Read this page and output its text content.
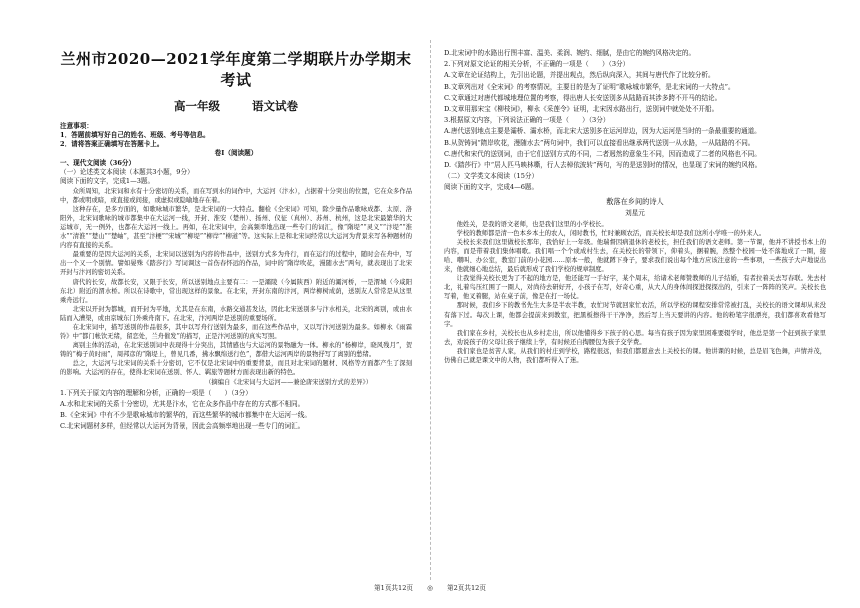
兰州市2020—2021学年度第二学期联片办学期末考试
高一年级	语文试卷

注意事项：

1．答题前填写好自己的姓名、班级、考号等信息。

2．请将答案正确填写在答题卡上。

卷I（阅读题）

一、现代文阅读（36分）

（一）论述类文本阅读（本题共3小题，9分）

阅读下面的文字，完成1—3题。

众所周知，北宋词和水有十分密切的关系，而在写到水的词作中，大运河（汴水），占据着十分突出的位置，它在众多作品中，都或明或暗，或直接或间接，或虚拟或隐喻地存在着。

这种存在，是多方面的，如歌咏城市繁华，是北宋词的一大特点。翻检《全宋词》可知，除少量作品歌咏成都、太原、洛阳外，北宋词歌咏的城市都集中在大运河一线，开封、淮安（楚州）、扬州、仪征（真州）、苏州、杭州，这是北宋最繁华的大运城市，无一例外，也都在大运河一线上。再如，在北宋词中，会高频率地出现一些专门的词汇，像“隋堤”“灵义”“汴堤”“淮水”“清淮”“楚山”“楚岫”，甚至“汴梗”“宋城”“柳堤”“柳岸”“柳道”等。这实际上是和北宋词经常以大运河为背景来写各种题材的内容有直接的关系。

最重要的是因大运河的关系，北宋词以送别为内容的作品中，送别方式多为舟行，而在运行的过程中，随时会在舟中，写出一个又一个别情。譬如晏殊《踏莎行》写词调这一首伤春怀远的作品，词中的“隋岸吹花，漫随水去”两句，就表现出了北宋开封与汴河的密切关系。

唐代的长安，故都长安，又限于长安，所以送别地点主要有二：一是灞陵（今属陕西）附近的灞河桥，一是渭城（今咸阳东北）附近的渭水桥。所以在诗歌中，常出现这样的景象。在北宋，开封东南的汴河，两岸柳树成荫，送别友人常常是从这里乘舟远行。

北宋以开封为都城，而开封为平地，尤其是在东南，水路交通甚发达，因此北宋送别多与汴水相关，北宋的离别，或由水陆而入漕渠，或由京城东门外乘舟南下。在北宋，汴河两岸是送别的重要场所。

在北宋词中，描写送别的作品很多，其中以写舟行送别为最多，而在这些作品中，又以写汴河送别为最多。如柳永《雨霖铃》中“都门帐饮无绪，留恋处，兰舟催发”的描写，正是汴河送别的真实写照。

离别主体的活动，在北宋送别词中表现得十分突出，其情感也与大运河的景物融为一体。柳永的“杨柳岸，晓风残月”，贺铸的“梅子黄时雨”，周邦彦的“隋堤上，曾见几番，拂水飘绵送行色”，都借大运河两岸的景物抒写了离别的愁绪。

总之，大运河与北宋词的关系十分密切，它不仅是北宋词中的重要背景，而且对北宋词的题材、风格等方面都产生了深刻的影响。大运河的存在，使得北宋词在送别、怀人、羁旅等题材方面表现出新的特色。

（摘编自《北宋词与大运河——兼论唐宋送别方式的差异》）

1.下列关于原文内容的理解和分析，正确的一项是（　　）（3分）

A.水和北宋词的关系十分密切，尤其是汴水，它在众多作品中存在的方式都不相同。

B.《全宋词》中有不少是歌咏城市的繁华的，而这些繁华的城市都集中在大运河一线。

C.北宋词题材多样，但经常以大运河为背景，因此会高频率地出现一些专门的词汇。

D.北宋词中的水路出行图丰富、温美、柔润、婉约、细腻，是由它的婉约风格决定的。

2.下列对原文论证的相关分析，不正确的一项是（　　）（3分）

A.文章在论证结构上，先引出论题，并提出观点，然后纵向深入，其间与唐代作了比较分析。

B.文章列出对《全宋词》的考察情况，主要目的是为了证明“歌咏城市繁华，是北宋词的一大特点”。

C.文章通过对唐代都城地理位置的考察，得出唐人长安送别多从陆路而其涉多跨不开马的结论。

D.文章用那宋宝《柳枝词》，柳永《采莲令》证明，北宋因水路出行，送别词中就处处不开船。

3.根据原文内容，下列说法正确的一项是（　　）（3分）

A.唐代送别地点主要是灞桥、灞水桥，而北宋大送别多在运河岸边，因为大运河是当时的一条最重要的通道。

B.从贺铸词“隋岸吹花，漫随水去”两句词中，我们可以直接看出继承两代送别一从水路，一从陆路的不同。

C.唐代和宋代的送别词，由于它们送别方式的不同，二者迥然的意象生不同，因而造成了二者的风格也不同。

D.《踏莎行》中“居人匹马映林嘶，行人去棹依波转”两句，写的是送别时的情况，也显现了宋词的婉约风格。

（二）文学类文本阅读（15分）

阅读下面的文字，完成4—6题。

敷落在乡间的诗人

刘星元

他姓关，是我的语文老师，也是我们这里的小学校长。

学校的教师都是清一色本乡本土的农人，闲时教书，忙时兼顾农活，而关校长却是我们这所小学唯一的外来人。

关校长来我们这里做校长那年，我恰好上一年级。他瑞督因病退休的老校长，担任我们的语文老师。第一节课，他并不讲授书本上的内容，而是带着我们集体唱歌。我们唱一个个或成村生去，在关校长的带领下，仰着头，捆着腕，然整个校园一处不落地成了一圈，接哈、嘲叫、办公室，教室门前的小花园……原本一般，他就蹲下身子，要求我们说出每个地方应该注意的一些事项，一些孩子大声地说出来，他就细心地总结，最后就形成了我们学校的规章制度。

让我觉得关校长更为了不起的地方是，他还能写一手好字，某个周末，给诸术老师赞教师的儿子结婚，有者拉着关去写春联。先去村北，礼着鸟压红围了一圈人，对尚待去研好开，小孩子在写，好奇心重，从大人的身体间探进探探出的，引来了一阵阵的笑声。关校长也写着，他叉着腿，站在桌子前，像是在打一场仗。

那时候，我们乡下的教书先生大多是半农半教，农忙时节就回家忙农活，所以学校的课程安排常常被打乱，关校长的语文课却从来没有落下过。每次上课，他都会提前来到教室，把黑板擦得干干净净，然后写上当天要讲的内容。他的粉笔字很漂亮，我们都喜欢看他写字。

我们家在乡村，关校长也从乡村走出，所以他懂得乡下孩子的心思。每当有孩子因为家里困难要辍学时，他总是第一个赶到孩子家里去，劝说孩子的父母让孩子继续上学，有时候还自掏腰包为孩子交学费。

我们家也是贫苦人家，从我们的村庄到学校，路程很远，但我们都愿意去上关校长的课。他讲课的时候，总是眉飞色舞，声情并茂，仿佛自己就是课文中的人物，我们都听得入了迷。

第1页共12页 ◎ 第2页共12页
